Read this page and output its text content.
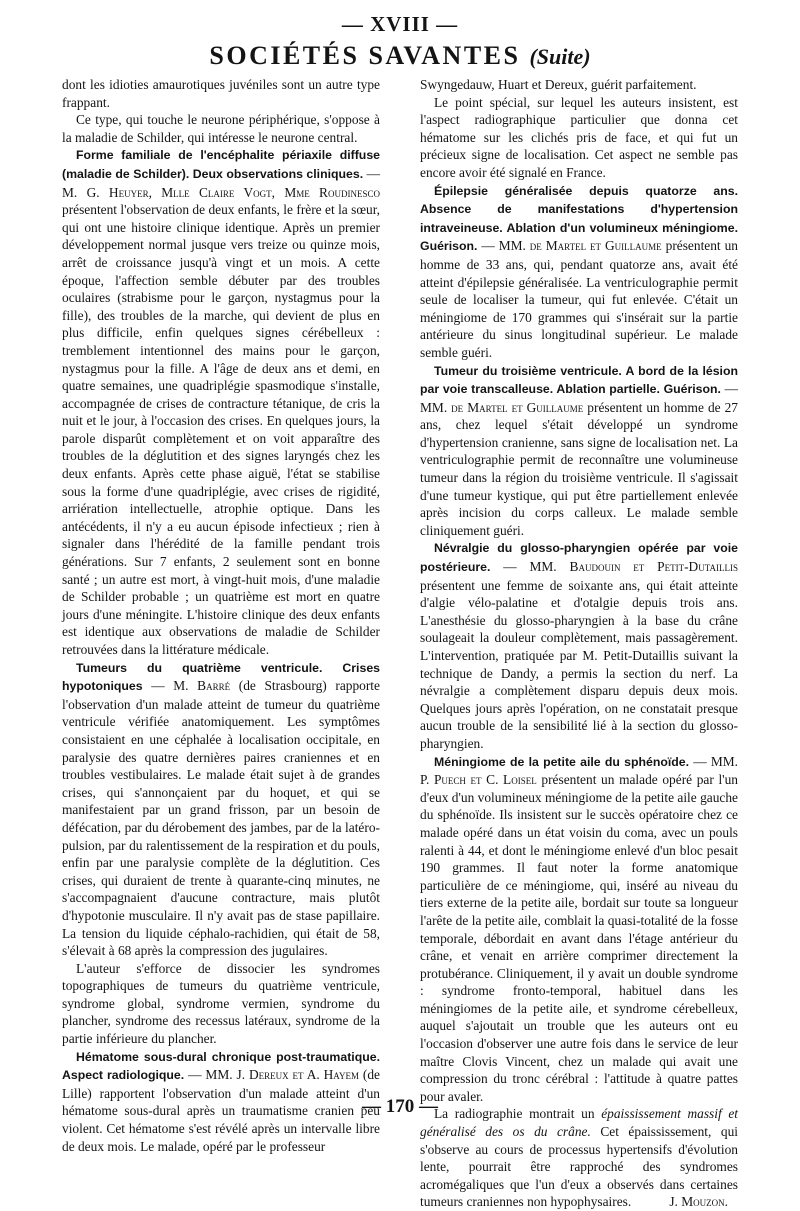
— XVIII —
SOCIÉTÉS SAVANTES (Suite)

dont les idioties amaurotiques juvéniles sont un autre type frappant.

Ce type, qui touche le neurone périphérique, s'oppose à la maladie de Schilder, qui intéresse le neurone central.

Forme familiale de l'encéphalite périaxile diffuse (maladie de Schilder). Deux observations cliniques. — M. G. Heuyer, Mlle Claire Vogt, Mme Roudinesco présentent l'observation de deux enfants, le frère et la sœur, qui ont une histoire clinique identique. Après un premier développement normal jusque vers treize ou quinze mois, arrêt de croissance jusqu'à vingt et un mois. A cette époque, l'affection semble débuter par des troubles oculaires (strabisme pour le garçon, nystagmus pour la fille), des troubles de la marche, qui devient de plus en plus difficile, enfin quelques signes cérébelleux : tremblement intentionnel des mains pour le garçon, nystagmus pour la fille. A l'âge de deux ans et demi, en quatre semaines, une quadriplégie spasmodique s'installe, accompagnée de crises de contracture tétanique, de cris la nuit et le jour, à l'occasion des crises. En quelques jours, la parole disparût complètement et on voit apparaître des troubles de la déglutition et des signes laryngés chez les deux enfants. Après cette phase aiguë, l'état se stabilise sous la forme d'une quadriplégie, avec crises de rigidité, arriération intellectuelle, atrophie optique. Dans les antécédents, il n'y a eu aucun épisode infectieux ; rien à signaler dans l'hérédité de la famille pendant trois générations. Sur 7 enfants, 2 seulement sont en bonne santé ; un autre est mort, à vingt-huit mois, d'une maladie de Schilder probable ; un quatrième est mort en quatre jours d'une méningite. L'histoire clinique des deux enfants est identique aux observations de maladie de Schilder retrouvées dans la littérature médicale.

Tumeurs du quatrième ventricule. Crises hypotoniques — M. Barré (de Strasbourg) rapporte l'observation d'un malade atteint de tumeur du quatrième ventricule vérifiée anatomiquement. Les symptômes consistaient en une céphalée à localisation occipitale, en paralysie des quatre dernières paires craniennes et en troubles vestibulaires. Le malade était sujet à de grandes crises, qui s'annonçaient par du hoquet, et qui se manifestaient par un grand frisson, par un besoin de défécation, par du dérobement des jambes, par de la latéro-pulsion, par du ralentissement de la respiration et du pouls, enfin par une paralysie complète de la déglutition. Ces crises, qui duraient de trente à quarante-cinq minutes, ne s'accompagnaient d'aucune contracture, mais plutôt d'hypotonie musculaire. Il n'y avait pas de stase papillaire. La tension du liquide céphalo-rachidien, qui était de 58, s'élevait à 68 après la compression des jugulaires.

L'auteur s'efforce de dissocier les syndromes topographiques de tumeurs du quatrième ventricule, syndrome global, syndrome vermien, syndrome du plancher, syndrome des recessus latéraux, syndrome de la partie inférieure du plancher.

Hématome sous-dural chronique post-traumatique. Aspect radiologique. — MM. J. Dereux et A. Hayem (de Lille) rapportent l'observation d'un malade atteint d'un hématome sous-dural après un traumatisme cranien peu violent. Cet hématome s'est révélé après un intervalle libre de deux mois. Le malade, opéré par le professeur

Swyngedauw, Huart et Dereux, guérit parfaitement.

Le point spécial, sur lequel les auteurs insistent, est l'aspect radiographique particulier que donna cet hématome sur les clichés pris de face, et qui fut un précieux signe de localisation. Cet aspect ne semble pas encore avoir été signalé en France.

Épilepsie généralisée depuis quatorze ans. Absence de manifestations d'hypertension intraveineuse. Ablation d'un volumineux méningiome. Guérison. — MM. de Martel et Guillaume présentent un homme de 33 ans, qui, pendant quatorze ans, avait été atteint d'épilepsie généralisée. La ventriculographie permit seule de localiser la tumeur, qui fut enlevée. C'était un méningiome de 170 grammes qui s'insérait sur la partie antérieure du sinus longitudinal supérieur. Le malade semble guéri.

Tumeur du troisième ventricule. A bord de la lésion par voie transcalleuse. Ablation partielle. Guérison. — MM. de Martel et Guillaume présentent un homme de 27 ans, chez lequel s'était développé un syndrome d'hypertension cranienne, sans signe de localisation net. La ventriculographie permit de reconnaître une volumineuse tumeur dans la région du troisième ventricule. Il s'agissait d'une tumeur kystique, qui put être partiellement enlevée après incision du corps calleux. Le malade semble cliniquement guéri.

Névralgie du glosso-pharyngien opérée par voie postérieure. — MM. Baudouin et Petit-Dutaillis présentent une femme de soixante ans, qui était atteinte d'algie vélo-palatine et d'otalgie depuis trois ans. L'anesthésie du glosso-pharyngien à la base du crâne soulageait la douleur complètement, mais passagèrement. L'intervention, pratiquée par M. Petit-Dutaillis suivant la technique de Dandy, a permis la section du nerf. La névralgie a complètement disparu depuis deux mois. Quelques jours après l'opération, on ne constatait presque aucun trouble de la sensibilité lié à la section du glosso-pharyngien.

Méningiome de la petite aile du sphénoïde. — MM. P. Puech et C. Loisel présentent un malade opéré par l'un d'eux d'un volumineux méningiome de la petite aile gauche du sphénoïde. Ils insistent sur le succès opératoire chez ce malade opéré dans un état voisin du coma, avec un pouls ralenti à 44, et dont le méningiome enlevé d'un bloc pesait 190 grammes. Il faut noter la forme anatomique particulière de ce méningiome, qui, inséré au niveau du tiers externe de la petite aile, bordait sur toute sa longueur l'arête de la petite aile, comblait la quasi-totalité de la fosse temporale, débordait en avant dans l'étage antérieur du crâne, et venait en arrière comprimer directement la protubérance. Cliniquement, il y avait un double syndrome : syndrome fronto-temporal, habituel dans les méningiomes de la petite aile, et syndrome cérebelleux, auquel s'ajoutait un trouble que les auteurs ont eu l'occasion d'observer une autre fois dans le service de leur maître Clovis Vincent, chez un malade qui avait une compression du tronc cérébral : l'attitude à quatre pattes pour avaler.

La radiographie montrait un épaississement massif et généralisé des os du crâne. Cet épaississement, qui s'observe au cours de processus hypertensifs d'évolution lente, pourrait être rapproché des syndromes acromégaliques que l'un d'eux a observés dans certaines tumeurs craniennes non hypophysaires.	J. Mouzon.
— 170 —
